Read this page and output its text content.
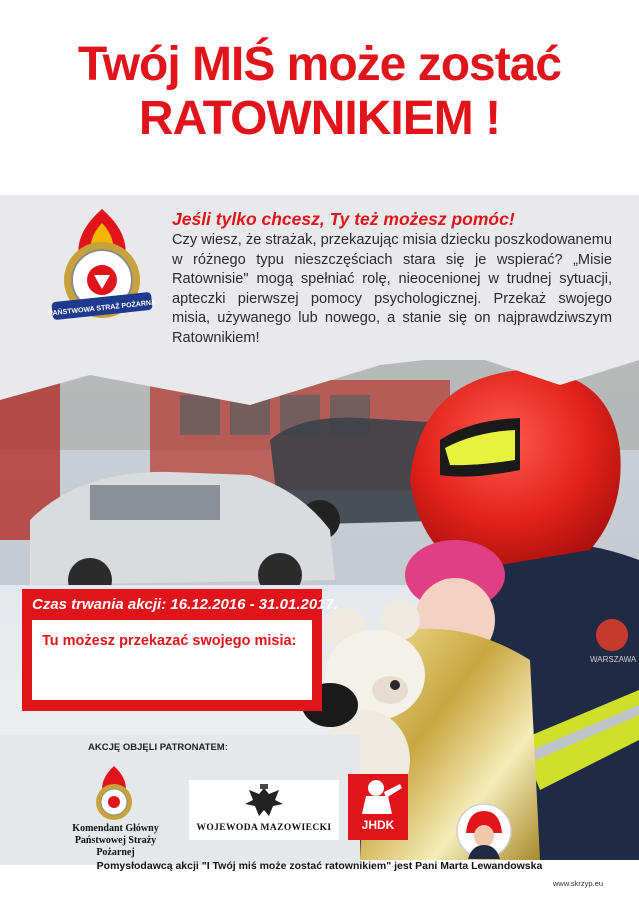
Twój MIŚ może zostać
RATOWNIKIEM !
WARSZAWA
PAŃSTWOWA STRAŻ POŻARNA
Jeśli tylko chcesz, Ty też możesz pomóc!
Czy wiesz, że strażak, przekazując misia dziecku poszkodowanemu w różnego typu nieszczęściach stara się je wspierać? „Misie Ratownisie" mogą spełniać rolę, nieocenionej w trudnej sytuacji, apteczki pierwszej pomocy psychologicznej. Przekaż swojego misia, używanego lub nowego, a stanie się on najprawdziwszym Ratownikiem!
Czas trwania akcji: 16.12.2016 - 31.01.2017.
Tu możesz przekazać swojego misia:
AKCJĘ OBJĘLI PATRONATEM:
Komendant Główny
Państwowej Straży Pożarnej
WOJEWODA MAZOWIECKI	JHDK
Pomysłodawcą akcji "I Twój miś może zostać ratownikiem" jest Pani Marta Lewandowska
www.skrzyp.eu
